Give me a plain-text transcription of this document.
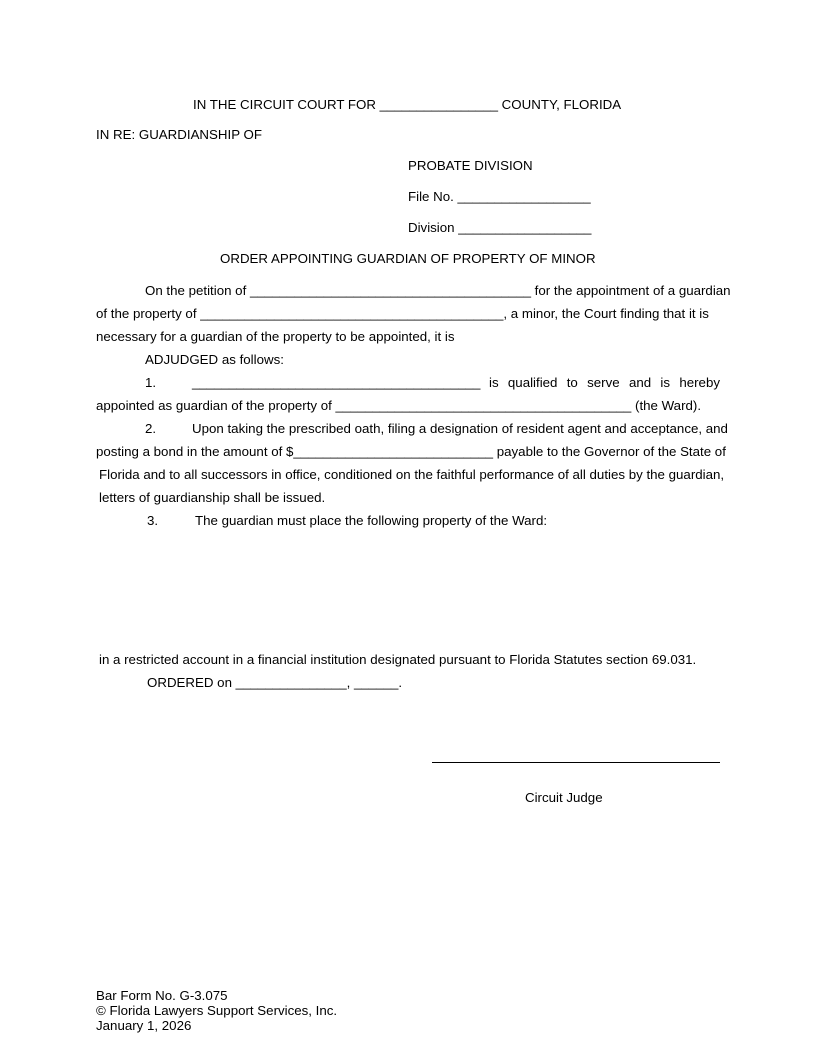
IN THE CIRCUIT COURT FOR ________________ COUNTY, FLORIDA
IN RE: GUARDIANSHIP OF
PROBATE DIVISION
File No. __________________
Division __________________
ORDER APPOINTING GUARDIAN OF PROPERTY OF MINOR
On the petition of ______________________________________ for the appointment of a guardian
of the property of _________________________________________, a minor, the Court finding that it is
necessary for a guardian of the property to be appointed, it is
ADJUDGED as follows:
1.	_______________________________________ is qualified to serve and is hereby
appointed as guardian of the property of ________________________________________ (the Ward).
2.	Upon taking the prescribed oath, filing a designation of resident agent and acceptance, and
posting a bond in the amount of $___________________________ payable to the Governor of the State of
Florida and to all successors in office, conditioned on the faithful performance of all duties by the guardian,
letters of guardianship shall be issued.
3.	The guardian must place the following property of the Ward:
in a restricted account in a financial institution designated pursuant to Florida Statutes section 69.031.
ORDERED on _______________, ______.
Circuit Judge
Bar Form No. G-3.075
© Florida Lawyers Support Services, Inc.
January 1, 2026
